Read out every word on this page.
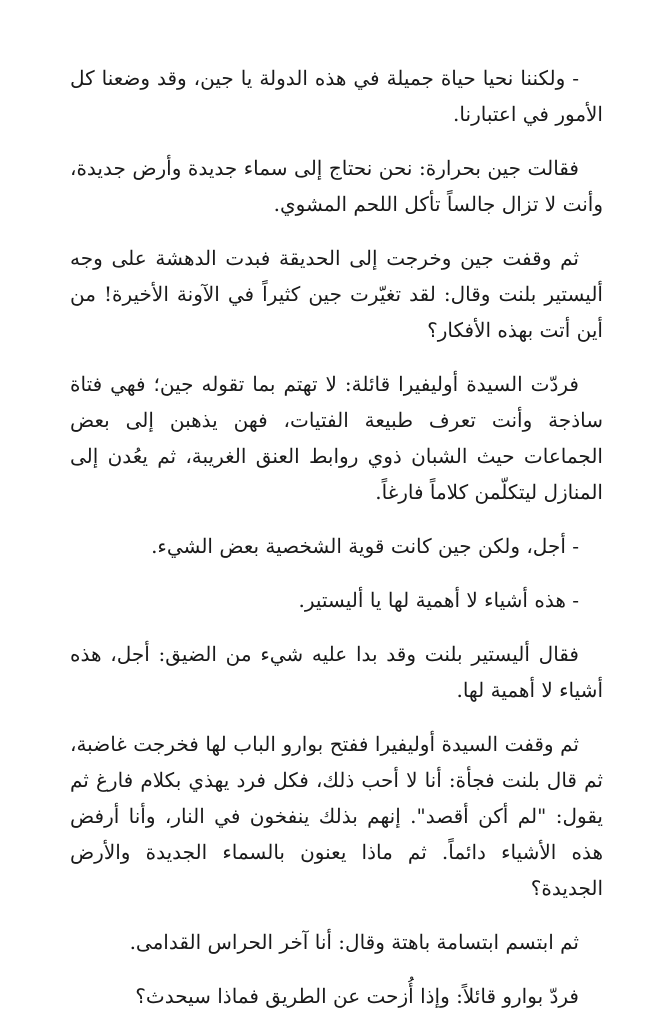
- ولكننا نحيا حياة جميلة في هذه الدولة يا جين، وقد وضعنا كل الأمور في اعتبارنا.

فقالت جين بحرارة: نحن نحتاج إلى سماء جديدة وأرض جديدة، وأنت لا تزال جالساً تأكل اللحم المشوي.

ثم وقفت جين وخرجت إلى الحديقة فبدت الدهشة على وجه أليستير بلنت وقال: لقد تغيّرت جين كثيراً في الآونة الأخيرة! من أين أتت بهذه الأفكار؟

فردّت السيدة أوليفيرا قائلة: لا تهتم بما تقوله جين؛ فهي فتاة ساذجة وأنت تعرف طبيعة الفتيات، فهن يذهبن إلى بعض الجماعات حيث الشبان ذوي روابط العنق الغريبة، ثم يعُدن إلى المنازل ليتكلّمن كلاماً فارغاً.

- أجل، ولكن جين كانت قوية الشخصية بعض الشيء.

- هذه أشياء لا أهمية لها يا أليستير.

فقال أليستير بلنت وقد بدا عليه شيء من الضيق: أجل، هذه أشياء لا أهمية لها.

ثم وقفت السيدة أوليفيرا ففتح بوارو الباب لها فخرجت غاضبة، ثم قال بلنت فجأة: أنا لا أحب ذلك، فكل فرد يهذي بكلام فارغ ثم يقول: "لم أكن أقصد". إنهم بذلك ينفخون في النار، وأنا أرفض هذه الأشياء دائماً. ثم ماذا يعنون بالسماء الجديدة والأرض الجديدة؟

ثم ابتسم ابتسامة باهتة وقال: أنا آخر الحراس القدامى.

فردّ بوارو قائلاً: وإذا أُزحت عن الطريق فماذا سيحدث؟
